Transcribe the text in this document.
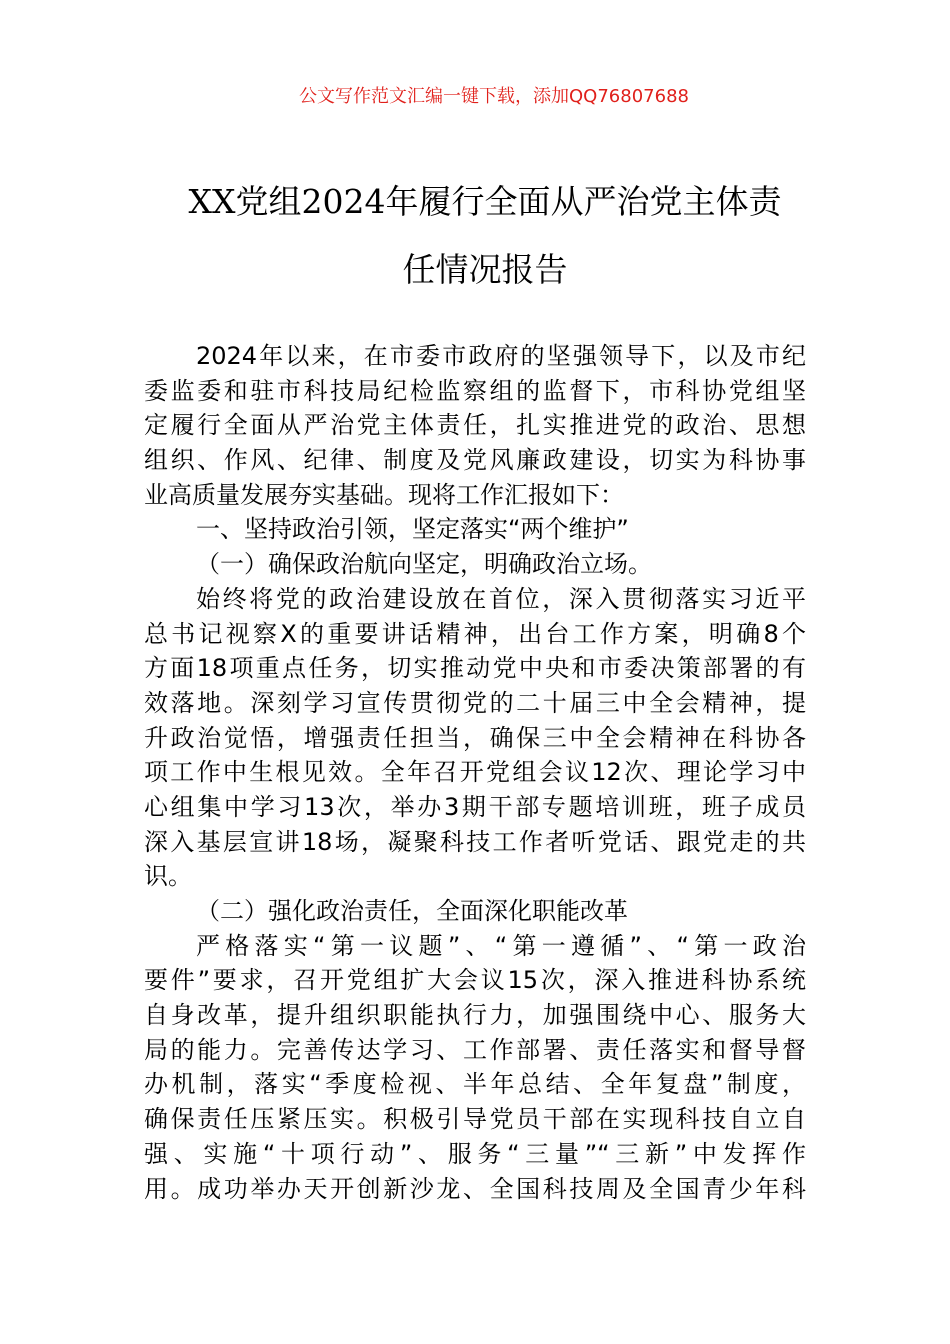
公文写作范文汇编一键下载，添加QQ76807688
XX党组2024年履行全面从严治党主体责
任情况报告
2024年以来，在市委市政府的坚强领导下，以及市纪
委监委和驻市科技局纪检监察组的监督下，市科协党组坚
定履行全面从严治党主体责任，扎实推进党的政治、思想
组织、作风、纪律、制度及党风廉政建设，切实为科协事
业高质量发展夯实基础。现将工作汇报如下：
一、坚持政治引领，坚定落实“两个维护”
（一）确保政治航向坚定，明确政治立场。
始终将党的政治建设放在首位，深入贯彻落实习近平
总书记视察X的重要讲话精神，出台工作方案，明确8个
方面18项重点任务，切实推动党中央和市委决策部署的有
效落地。深刻学习宣传贯彻党的二十届三中全会精神，提
升政治觉悟，增强责任担当，确保三中全会精神在科协各
项工作中生根见效。全年召开党组会议12次、理论学习中
心组集中学习13次，举办3期干部专题培训班，班子成员
深入基层宣讲18场，凝聚科技工作者听党话、跟党走的共
识。
（二）强化政治责任，全面深化职能改革
严格落实“第一议题”、“第一遵循”、“第一政治
要件”要求，召开党组扩大会议15次，深入推进科协系统
自身改革，提升组织职能执行力，加强围绕中心、服务大
局的能力。完善传达学习、工作部署、责任落实和督导督
办机制，落实“季度检视、半年总结、全年复盘”制度，
确保责任压紧压实。积极引导党员干部在实现科技自立自
强、实施“十项行动”、服务“三量”“三新”中发挥作
用。成功举办天开创新沙龙、全国科技周及全国青少年科
